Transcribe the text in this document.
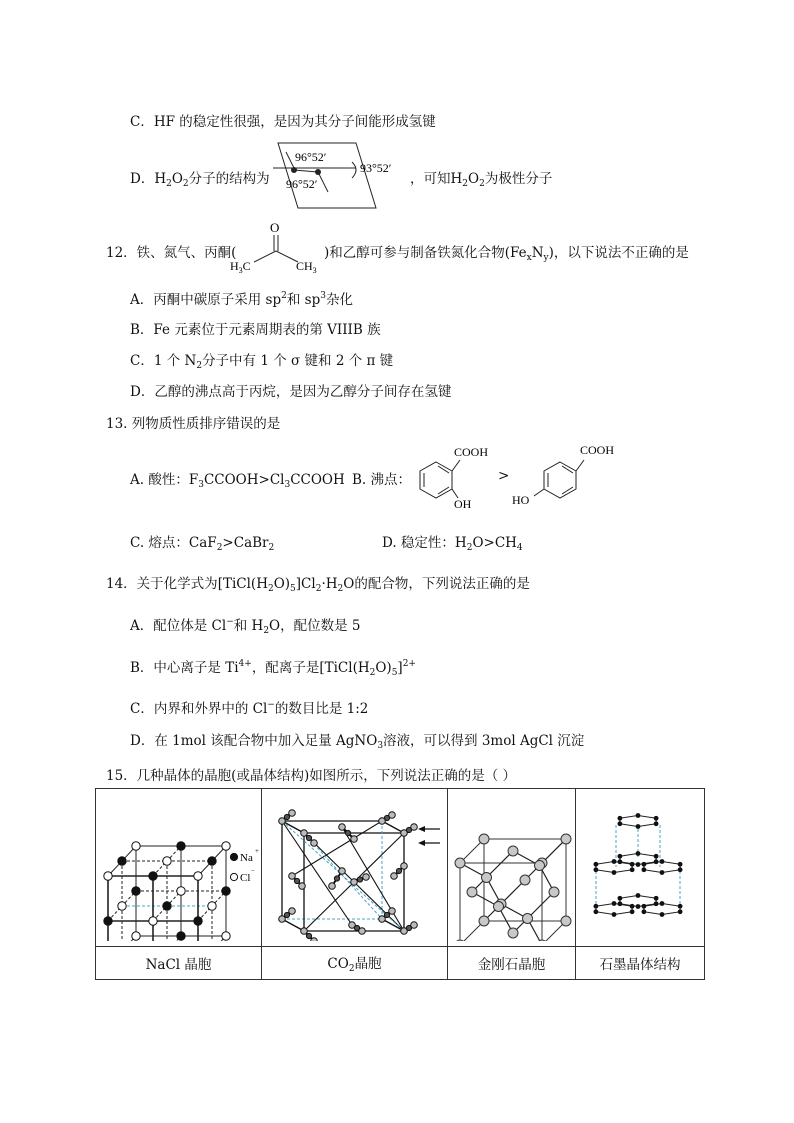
C．HF 的稳定性很强，是因为其分子间能形成氢键
D．$H_2O_2$分子的结构为
96°52′
93°52′
96°52′	，可知$H_2O_2$为极性分子
12．铁、氮气、丙酮(
O
$H_3C$	$CH_3$
)和乙醇可参与制备铁氮化合物$(Fe_xN_y)$，以下说法不正确的是
A．丙酮中碳原子采用 $sp^2$和 $sp^3$杂化
B．Fe 元素位于元素周期表的第 VIIIB 族
C．1 个 $N_2$分子中有 1 个 σ 键和 2 个 π 键
D．乙醇的沸点高于丙烷，是因为乙醇分子间存在氢键
13. 列物质性质排序错误的是
A. 酸性：$F_3CCOOH>Cl_3CCOOH$ B. 沸点：
COOH
OH
>
COOH
HO
C. 熔点：CaF$_2$>CaBr$_2$	D. 稳定性：$H_2O>CH_4$
14．关于化学式为$[TiCl(H_2O)_5]Cl_2\cdot H_2O$的配合物，下列说法正确的是
A．配位体是 Cl−和 $H_2O$，配位数是 5
B．中心离子是 $Ti^{4+}$，配离子是$[TiCl(H_2O)_5]^{2+}$
C．内界和外界中的 Cl−的数目比是 1:2
D．在 1mol 该配合物中加入足量 AgNO$_3$溶液，可以得到 3mol AgCl 沉淀
15．几种晶体的晶胞(或晶体结构)如图所示，下列说法正确的是（ ）
Na
+
Cl
−

NaCl 晶胞	$CO_2$晶胞	金刚石晶胞	石墨晶体结构
